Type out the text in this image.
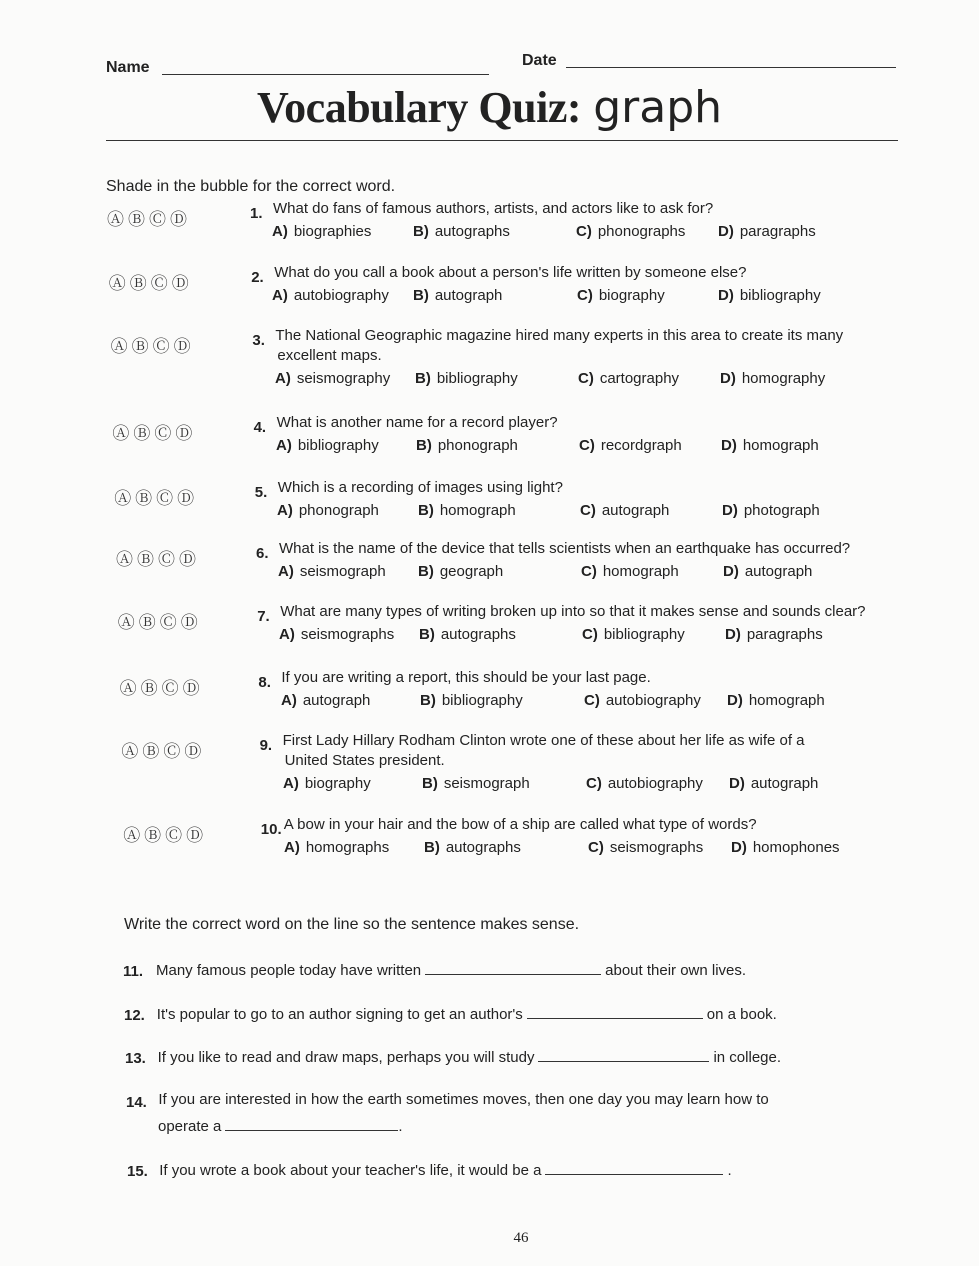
Name	Date
Vocabulary Quiz: graph
Shade in the bubble for the correct word.
ⒶⒷⒸⒹ	1. What do fans of famous authors, artists, and actors like to ask for?
A) biographies	B) autographs	C) phonographs D) paragraphs
ⒶⒷⒸⒹ	2. What do you call a book about a person's life written by someone else?
A) autobiography B) autograph	C) biography	D) bibliography
ⒶⒷⒸⒹ	3. The National Geographic magazine hired many experts in this area to create its many
excellent maps.
A) seismography B) bibliography	C) cartography	D) homography
ⒶⒷⒸⒹ	4. What is another name for a record player?
A) bibliography B) phonograph	C) recordgraph	D) homograph
ⒶⒷⒸⒹ	5. Which is a recording of images using light?
A) phonograph	B) homograph	C) autograph	D) photograph
ⒶⒷⒸⒹ	6. What is the name of the device that tells scientists when an earthquake has occurred?
A) seismograph B) geograph	C) homograph	D) autograph
ⒶⒷⒸⒹ	7. What are many types of writing broken up into so that it makes sense and sounds clear?
A) seismographs B) autographs	C) bibliography	D) paragraphs
ⒶⒷⒸⒹ	8. If you are writing a report, this should be your last page.
A) autograph	B) bibliography	C) autobiography D) homograph
ⒶⒷⒸⒹ	9. First Lady Hillary Rodham Clinton wrote one of these about her life as wife of a
United States president.
A) biography	B) seismograph	C) autobiography D) autograph
ⒶⒷⒸⒹ	10. A bow in your hair and the bow of a ship are called what type of words?
A) homographs B) autographs	C) seismographs D) homophones
Write the correct word on the line so the sentence makes sense.
11. Many famous people today have written	about their own lives.
12. It's popular to go to an author signing to get an author's	on a book.
13. If you like to read and draw maps, perhaps you will study	in college.
14. If you are interested in how the earth sometimes moves, then one day you may learn how to
operate a	.
15. If you wrote a book about your teacher's life, it would be a	.
46
